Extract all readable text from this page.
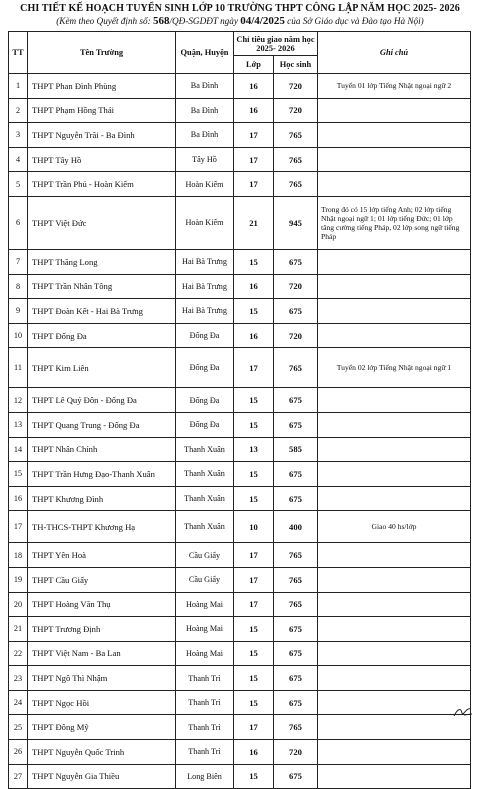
CHI TIẾT KẾ HOẠCH TUYỂN SINH LỚP 10 TRƯỜNG THPT CÔNG LẬP NĂM HỌC 2025- 2026
(Kèm theo Quyết định số: 568/QĐ-SGDĐT ngày 04/4/2025 của Sở Giáo dục và Đào tạo Hà Nội)
TT	Tên Trường	Quận, Huyện	Chỉ tiêu giao năm học 2025- 2026		Ghi chú
			Lớp	Học sinh	
1	THPT Phan Đình Phùng	Ba Đình	16	720	Tuyển 01 lớp Tiếng Nhật ngoại ngữ 2
2	THPT Phạm Hồng Thái	Ba Đình	16	720	
3	THPT Nguyễn Trãi - Ba Đình	Ba Đình	17	765	
4	THPT Tây Hồ	Tây Hồ	17	765	
5	THPT Trần Phú - Hoàn Kiếm	Hoàn Kiếm	17	765	
6	THPT Việt Đức	Hoàn Kiếm	21	945	Trong đó có 15 lớp tiếng Anh; 02 lớp tiếng Nhật ngoại ngữ 1; 01 lớp tiếng Đức; 01 lớp tăng cường tiếng Pháp, 02 lớp song ngữ tiếng Pháp
7	THPT Thăng Long	Hai Bà Trưng	15	675	
8	THPT Trần Nhân Tông	Hai Bà Trưng	16	720	
9	THPT Đoàn Kết - Hai Bà Trưng	Hai Bà Trưng	15	675	
10	THPT Đống Đa	Đống Đa	16	720	
11	THPT Kim Liên	Đống Đa	17	765	Tuyển 02 lớp Tiếng Nhật ngoại ngữ 1
12	THPT Lê Quý Đôn - Đống Đa	Đống Đa	15	675	
13	THPT Quang Trung - Đống Đa	Đống Đa	15	675	
14	THPT Nhân Chính	Thanh Xuân	13	585	
15	THPT Trần Hưng Đạo-Thanh Xuân	Thanh Xuân	15	675	
16	THPT Khương Đình	Thanh Xuân	15	675	
17	TH-THCS-THPT Khương Hạ	Thanh Xuân	10	400	Giao 40 hs/lớp
18	THPT Yên Hoà	Cầu Giấy	17	765	
19	THPT Cầu Giấy	Cầu Giấy	17	765	
20	THPT Hoàng Văn Thụ	Hoàng Mai	17	765	
21	THPT Trương Định	Hoàng Mai	15	675	
22	THPT Việt Nam - Ba Lan	Hoàng Mai	15	675	
23	THPT Ngô Thì Nhậm	Thanh Trì	15	675	
24	THPT Ngọc Hồi	Thanh Trì	15	675	
25	THPT Đông Mỹ	Thanh Trì	17	765	
26	THPT Nguyễn Quốc Trinh	Thanh Trì	16	720	
27	THPT Nguyễn Gia Thiều	Long Biên	15	675	
